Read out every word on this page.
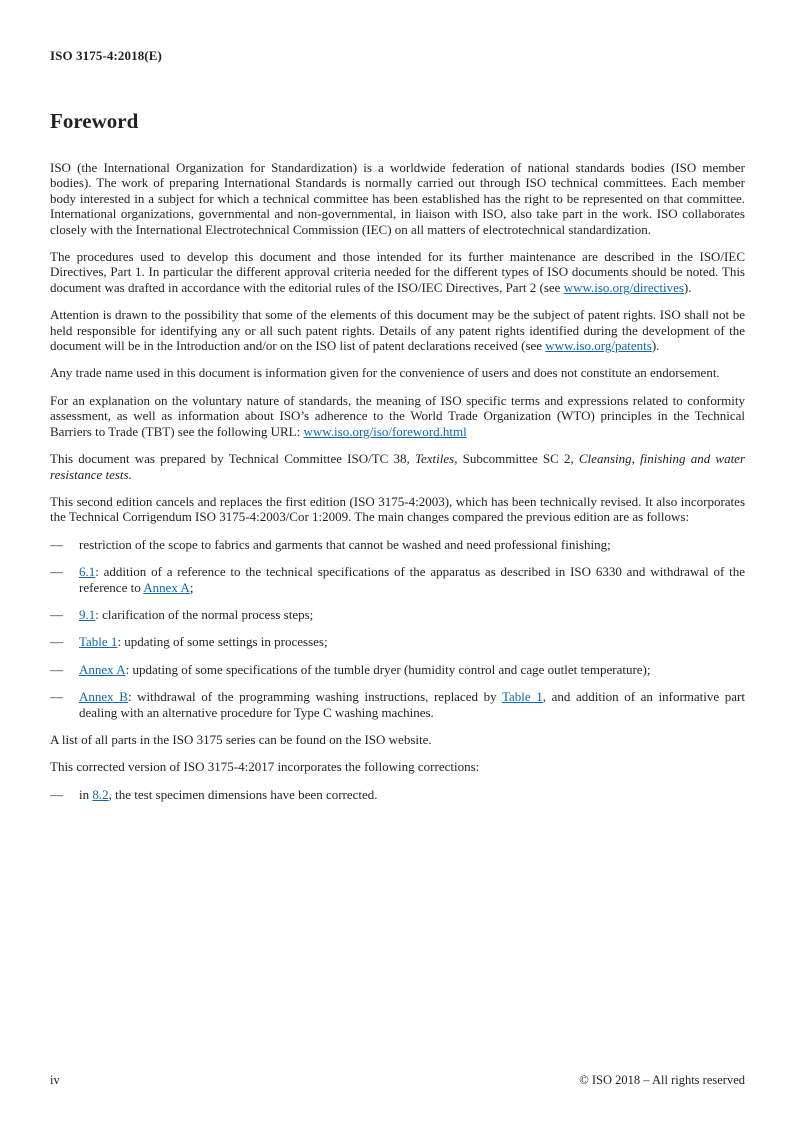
ISO 3175-4:2018(E)
Foreword

ISO (the International Organization for Standardization) is a worldwide federation of national standards bodies (ISO member bodies). The work of preparing International Standards is normally carried out through ISO technical committees. Each member body interested in a subject for which a technical committee has been established has the right to be represented on that committee. International organizations, governmental and non-governmental, in liaison with ISO, also take part in the work. ISO collaborates closely with the International Electrotechnical Commission (IEC) on all matters of electrotechnical standardization.

The procedures used to develop this document and those intended for its further maintenance are described in the ISO/IEC Directives, Part 1. In particular the different approval criteria needed for the different types of ISO documents should be noted. This document was drafted in accordance with the editorial rules of the ISO/IEC Directives, Part 2 (see www.iso.org/directives).

Attention is drawn to the possibility that some of the elements of this document may be the subject of patent rights. ISO shall not be held responsible for identifying any or all such patent rights. Details of any patent rights identified during the development of the document will be in the Introduction and/or on the ISO list of patent declarations received (see www.iso.org/patents).

Any trade name used in this document is information given for the convenience of users and does not constitute an endorsement.

For an explanation on the voluntary nature of standards, the meaning of ISO specific terms and expressions related to conformity assessment, as well as information about ISO’s adherence to the World Trade Organization (WTO) principles in the Technical Barriers to Trade (TBT) see the following URL: www.iso.org/iso/foreword.html

This document was prepared by Technical Committee ISO/TC 38, Textiles, Subcommittee SC 2, Cleansing, finishing and water resistance tests.

This second edition cancels and replaces the first edition (ISO 3175-4:2003), which has been technically revised. It also incorporates the Technical Corrigendum ISO 3175-4:2003/Cor 1:2009. The main changes compared the previous edition are as follows:

—	restriction of the scope to fabrics and garments that cannot be washed and need professional finishing;
—	6.1: addition of a reference to the technical specifications of the apparatus as described in ISO 6330 and withdrawal of the reference to Annex A;
—	9.1: clarification of the normal process steps;
—	Table 1: updating of some settings in processes;
—	Annex A: updating of some specifications of the tumble dryer (humidity control and cage outlet temperature);
—	Annex B: withdrawal of the programming washing instructions, replaced by Table 1, and addition of an informative part dealing with an alternative procedure for Type C washing machines.

A list of all parts in the ISO 3175 series can be found on the ISO website.

This corrected version of ISO 3175-4:2017 incorporates the following corrections:

—	in 8.2, the test specimen dimensions have been corrected.
iv	© ISO 2018 – All rights reserved
